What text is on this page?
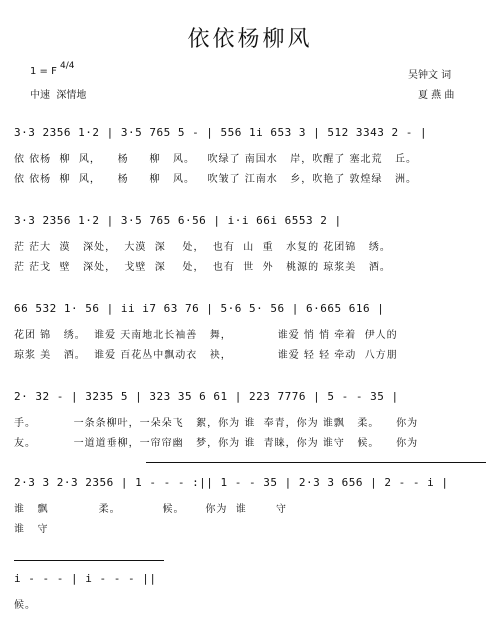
依依杨柳风
1 = F 4/4
中速  深情地
吴钟文 词
夏 燕 曲
3·3 2356 1·2 | 3·5 765 5 - | 556 1i 653 3 | 512 3343 2 - |
依 依杨  柳  风，    杨     柳   风。   吹绿了 南国水   岸，吹醒了 塞北荒   丘。
依 依杨  柳  风，    杨     柳   风。   吹皱了 江南水   乡，吹艳了 敦煌绿   洲。
3·3 2356 1·2 | 3·5 765 6·56 | i·i 66i 6553 2 |
茫 茫大  漠   深处，  大漠  深    处，  也有  山  重   水复的 花团锦   绣。
茫 茫戈  壁   深处，  戈壁  深    处，  也有  世  外   桃源的 琼浆美   酒。
66 532 1· 56 | ii i7 63 76 | 5·6 5· 56 | 6·665 616 |
花团 锦   绣。  谁爱 天南地北长袖善   舞，           谁爱 悄 悄 牵着  伊人的
琼浆 美   酒。  谁爱 百花丛中飘动衣   袂，           谁爱 轻 轻 牵动  八方朋
2· 32 - | 3235 5 | 323 35 6 61 | 223 7776 | 5 - - 35 |
手。         一条条柳叶，一朵朵飞   絮，你为 谁  奉青，你为 谁飘   柔。    你为
友。         一道道垂柳，一帘帘幽   梦，你为 谁  青睐，你为 谁守   候。    你为
2·3 3 2·3 2356 | 1 - - - :|| 1 - - 35 | 2·3 3 656 | 2 - - i |
谁   飘            柔。          候。     你为  谁       守
谁   守
i - - - | i - - - ||
候。
